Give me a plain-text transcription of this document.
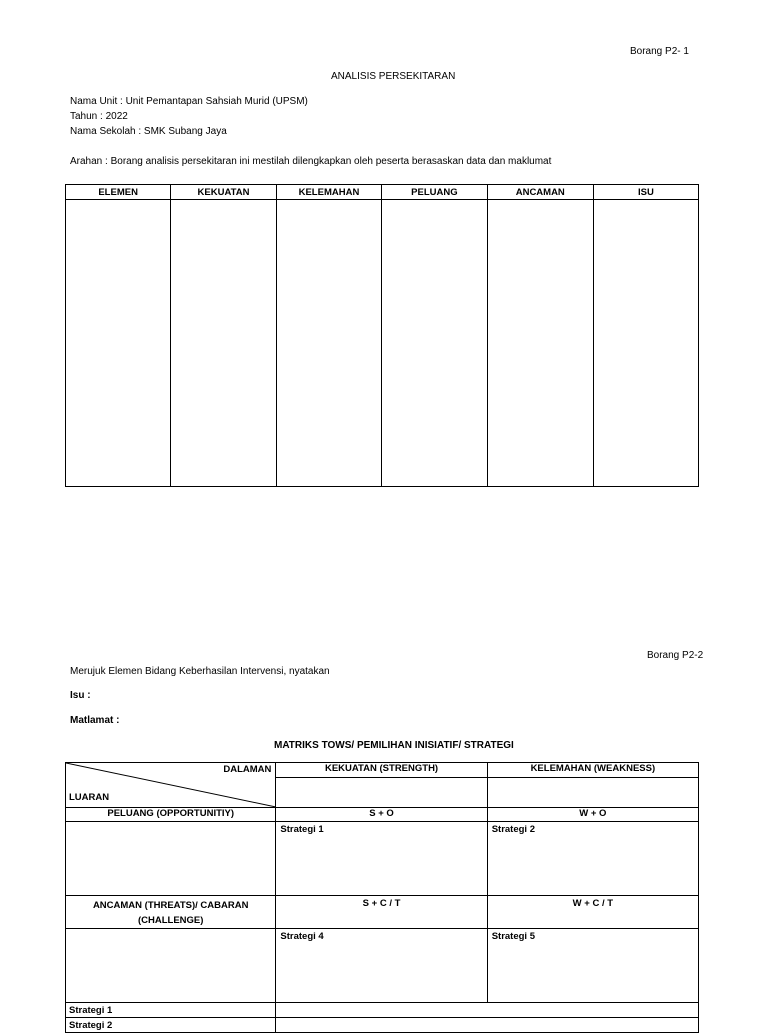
Borang P2- 1
ANALISIS PERSEKITARAN
Nama Unit : Unit Pemantapan Sahsiah Murid (UPSM)
Tahun : 2022
Nama Sekolah : SMK Subang Jaya
Arahan : Borang analisis persekitaran ini mestilah dilengkapkan oleh peserta berasaskan data dan maklumat
ELEMEN	KEKUATAN	KELEMAHAN	PELUANG	ANCAMAN	ISU

Borang P2-2
Merujuk Elemen Bidang Keberhasilan Intervensi, nyatakan
Isu :
Matlamat :
MATRIKS TOWS/ PEMILIHAN INISIATIF/ STRATEGI
DALAMAN
LUARAN	KEKUATAN (STRENGTH)	KELEMAHAN (WEAKNESS)

PELUANG (OPPORTUNITIY)	S + O	W + O

	Strategi 1	Strategi 2

ANCAMAN (THREATS)/ CABARAN
(CHALLENGE)	S + C / T	W + C / T

	Strategi 4	Strategi 5

Strategi 1		
Strategi 2		
